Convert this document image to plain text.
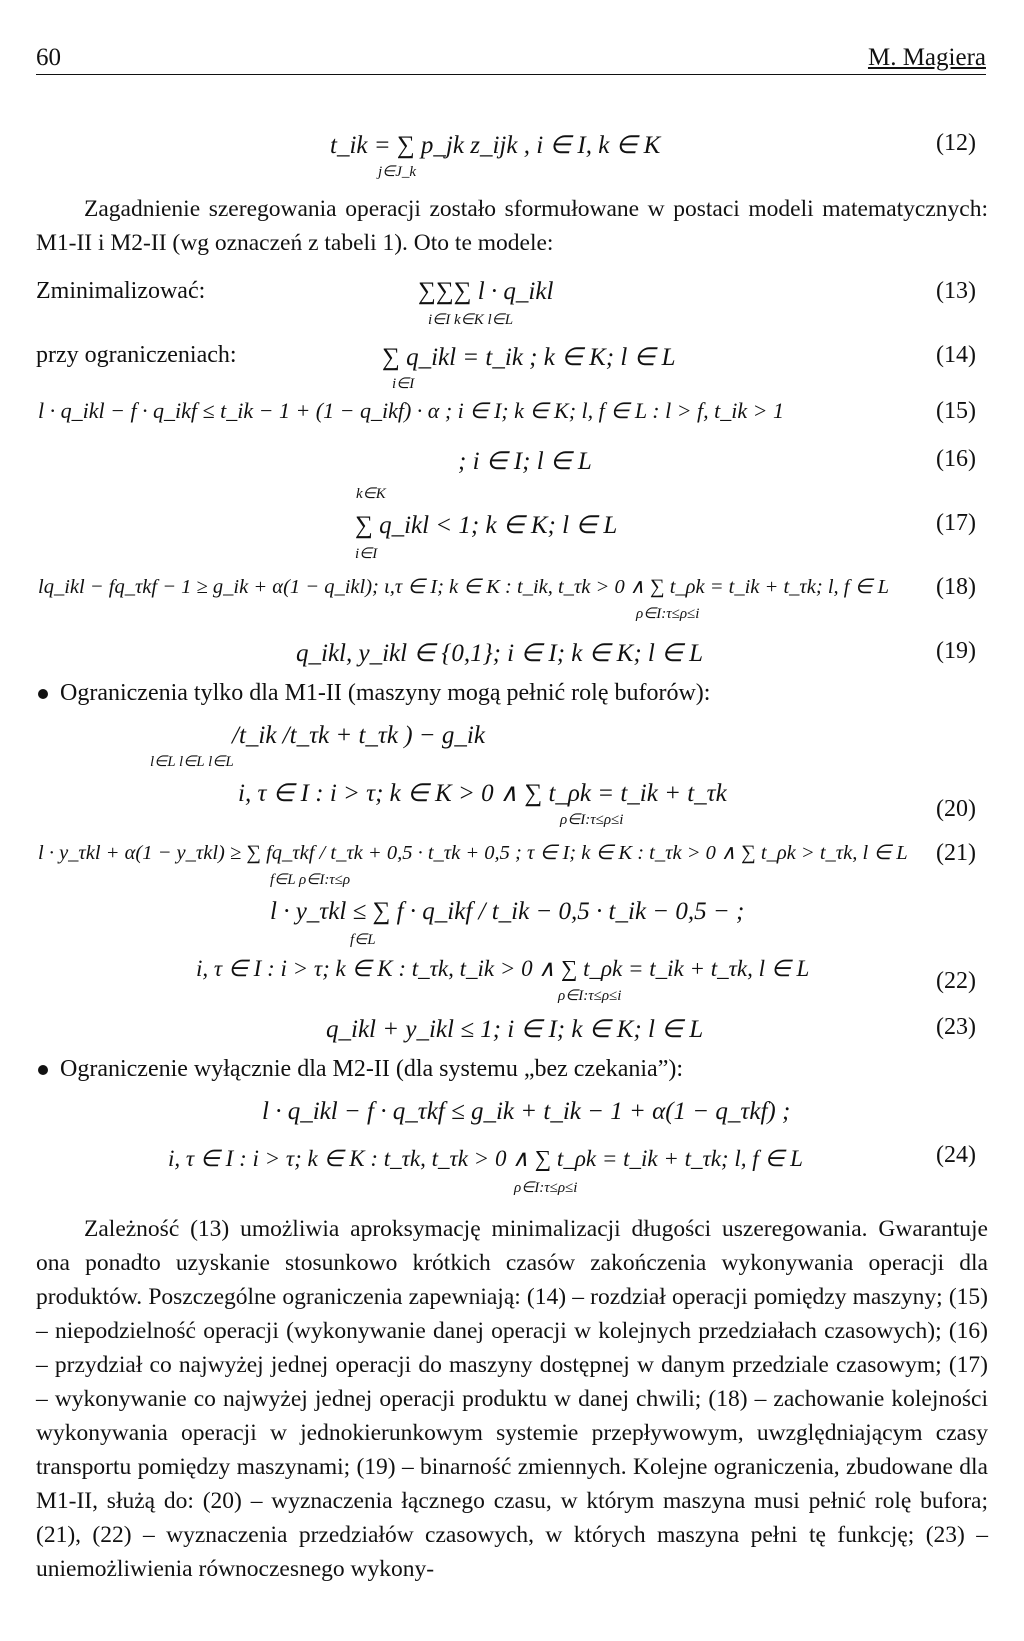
60	M. Magiera
t_ik = ∑ p_jk z_ijk , i ∈ I, k ∈ K
j∈J_k
(12)
Zagadnienie szeregowania operacji zostało sformułowane w postaci modeli matematycznych: M1-II i M2-II (wg oznaczeń z tabeli 1). Oto te modele:
Zminimalizować:	∑∑∑ l · q_ikl
i∈I k∈K l∈L
(13)
przy ograniczeniach:	∑ q_ikl = t_ik ; k ∈ K; l ∈ L
i∈I
(14)
l · q_ikl − f · q_ikf ≤ t_ik − 1 + (1 − q_ikf) · α ; i ∈ I; k ∈ K; l, f ∈ L : l > f, t_ik > 1	(15)
; i ∈ I; l ∈ L
k∈K
(16)
∑ q_ikl < 1; k ∈ K; l ∈ L
i∈I
(17)
lq_ikl − fq_τkf − 1 ≥ g_ik + α(1 − q_ikl); ι,τ ∈ I; k ∈ K : t_ik, t_τk > 0 ∧ ∑ t_ρk = t_ik + t_τk; l, f ∈ L
ρ∈I:τ≤ρ≤i
(18)
q_ikl, y_ikl ∈ {0,1}; i ∈ I; k ∈ K; l ∈ L	(19)
Ograniczenia tylko dla M1-II (maszyny mogą pełnić rolę buforów):
/t_ik /t_τk + t_τk ) − g_ik
l∈L l∈L l∈L
i, τ ∈ I : i > τ; k ∈ K > 0 ∧ ∑ t_ρk = t_ik + t_τk
ρ∈I:τ≤ρ≤i	(20)
l · y_τkl + α(1 − y_τkl) ≥ ∑ fq_τkf / t_τk + 0,5 · t_τk + 0,5 ; τ ∈ I; k ∈ K : t_τk > 0 ∧ ∑ t_ρk > t_τk, l ∈ L
f∈L ρ∈I:τ≤ρ
(21)
l · y_τkl ≤ ∑ f · q_ikf / t_ik − 0,5 · t_ik − 0,5 − ;
f∈L
i, τ ∈ I : i > τ; k ∈ K : t_τk, t_ik > 0 ∧ ∑ t_ρk = t_ik + t_τk, l ∈ L
ρ∈I:τ≤ρ≤i
(22)
q_ikl + y_ikl ≤ 1; i ∈ I; k ∈ K; l ∈ L	(23)
Ograniczenie wyłącznie dla M2-II (dla systemu „bez czekania”):
l · q_ikl − f · q_τkf ≤ g_ik + t_ik − 1 + α(1 − q_τkf) ;
i, τ ∈ I : i > τ; k ∈ K : t_τk, t_τk > 0 ∧ ∑ t_ρk = t_ik + t_τk; l, f ∈ L
ρ∈I:τ≤ρ≤i
(24)
Zależność (13) umożliwia aproksymację minimalizacji długości uszeregowania. Gwarantuje ona ponadto uzyskanie stosunkowo krótkich czasów zakończenia wykonywania operacji dla produktów. Poszczególne ograniczenia zapewniają: (14) – rozdział operacji pomiędzy maszyny; (15) – niepodzielność operacji (wykonywanie danej operacji w kolejnych przedziałach czasowych); (16) – przydział co najwyżej jednej operacji do maszyny dostępnej w danym przedziale czasowym; (17) – wykonywanie co najwyżej jednej operacji produktu w danej chwili; (18) – zachowanie kolejności wykonywania operacji w jednokierunkowym systemie przepływowym, uwzględniającym czasy transportu pomiędzy maszynami; (19) – binarność zmiennych. Kolejne ograniczenia, zbudowane dla M1-II, służą do: (20) – wyznaczenia łącznego czasu, w którym maszyna musi pełnić rolę bufora; (21), (22) – wyznaczenia przedziałów czasowych, w których maszyna pełni tę funkcję; (23) – uniemożliwienia równoczesnego wykony-
